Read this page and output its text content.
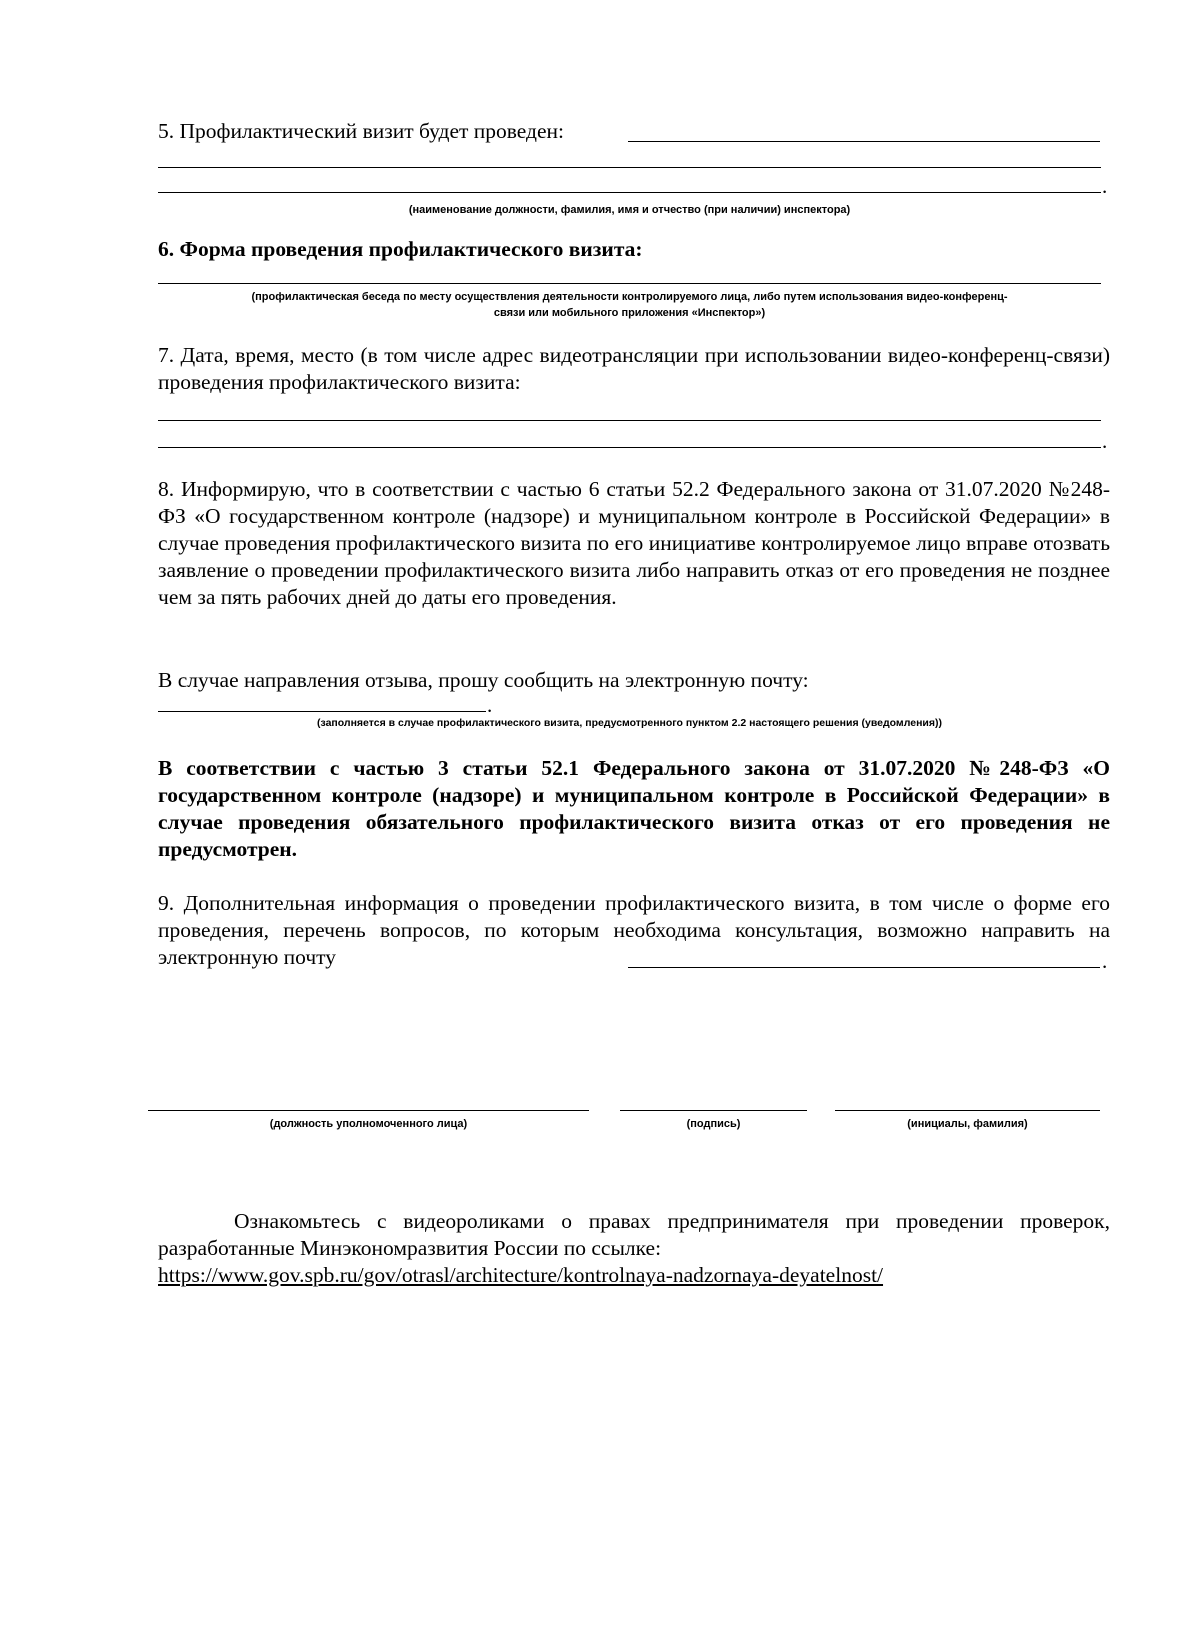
5. Профилактический визит будет проведен:
.
(наименование должности, фамилия, имя и отчество (при наличии) инспектора)
6. Форма проведения профилактического визита:
(профилактическая беседа по месту осуществления деятельности контролируемого лица, либо путем использования видео-конференц-
связи или мобильного приложения «Инспектор»)
7. Дата, время, место (в том числе адрес видеотрансляции при использовании видео-конференц-связи) проведения профилактического визита:
.
8. Информирую, что в соответствии с частью 6 статьи 52.2 Федерального закона от 31.07.2020 №248-ФЗ «О государственном контроле (надзоре) и муниципальном контроле в Российской Федерации» в случае проведения профилактического визита по его инициативе контролируемое лицо вправе отозвать заявление о проведении профилактического визита либо направить отказ от его проведения не позднее чем за пять рабочих дней до даты его проведения.
В случае направления отзыва, прошу сообщить на электронную почту:
.
(заполняется в случае профилактического визита, предусмотренного пунктом 2.2 настоящего решения (уведомления))
В соответствии с частью 3 статьи 52.1 Федерального закона от 31.07.2020 №248-ФЗ «О государственном контроле (надзоре) и муниципальном контроле в Российской Федерации» в случае проведения обязательного профилактического визита отказ от его проведения не предусмотрен.
9. Дополнительная информация о проведении профилактического визита, в том числе о форме его проведения, перечень вопросов, по которым необходима консультация, возможно направить на электронную почту	.
(должность уполномоченного лица)	(подпись)	(инициалы, фамилия)
Ознакомьтесь с видеороликами о правах предпринимателя при проведении проверок, разработанные Минэкономразвития России по ссылке:
https://www.gov.spb.ru/gov/otrasl/architecture/kontrolnaya-nadzornaya-deyatelnost/
